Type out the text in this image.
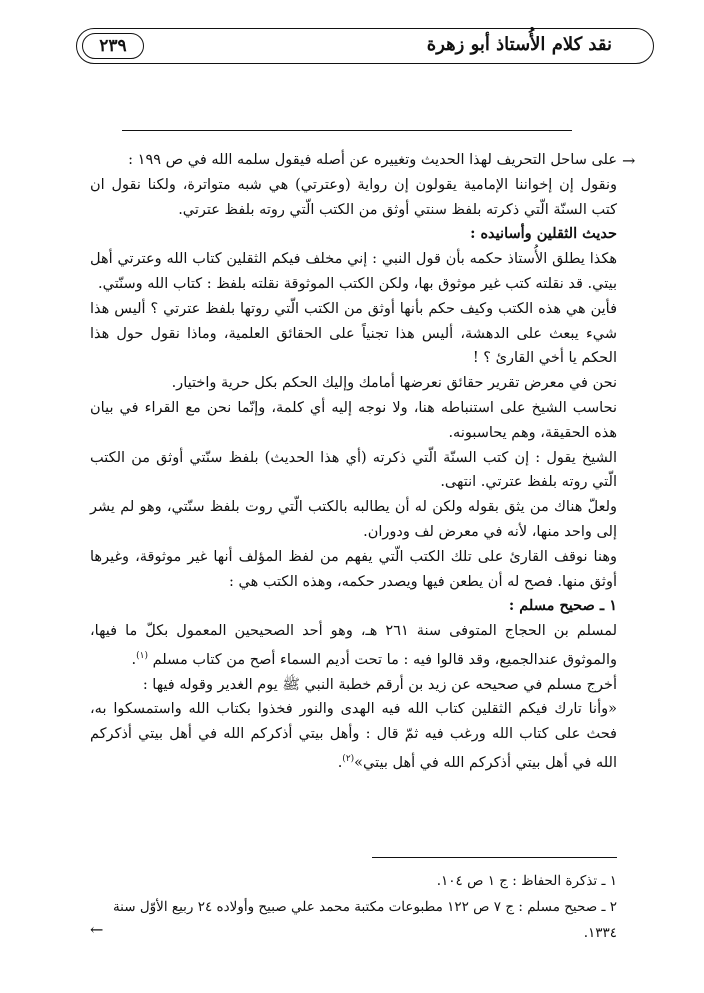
نقد كلام الأُستاذ أبو زهرة
٢٣٩
→

على ساحل التحريف لهذا الحديث وتغييره عن أصله فيقول سلمه الله في ص ١٩٩ :

ونقول إن إخواننا الإمامية يقولون إن رواية (وعترتي) هي شبه متواترة، ولكنا نقول ان كتب السنّة الّتي ذكرته بلفظ سنتي أوثق من الكتب الّتي روته بلفظ عترتي.

حديث الثقلين وأسانيده :

هكذا يطلق الأُستاذ حكمه بأن قول النبي : إني مخلف فيكم الثقلين كتاب الله وعترتي أهل بيتي. قد نقلته كتب غير موثوق بها، ولكن الكتب الموثوقة نقلته بلفظ : كتاب الله وسنّتي.

فأين هي هذه الكتب وكيف حكم بأنها أوثق من الكتب الّتي روتها بلفظ عترتي ؟ أليس هذا شيء يبعث على الدهشة، أليس هذا تجنياً على الحقائق العلمية، وماذا نقول حول هذا الحكم يا أخي القارئ ؟ !

نحن في معرض تقرير حقائق نعرضها أمامك وإليك الحكم بكل حرية واختيار.

نحاسب الشيخ على استنباطه هنا، ولا نوجه إليه أي كلمة، وإنّما نحن مع القراء في بيان هذه الحقيقة، وهم يحاسبونه.

الشيخ يقول : إن كتب السنّة الّتي ذكرته (أي هذا الحديث) بلفظ سنّتي أوثق من الكتب الّتي روته بلفظ عترتي. انتهى.

ولعلّ هناك من يثق بقوله ولكن له أن يطالبه بالكتب الّتي روت بلفظ سنّتي، وهو لم يشر إلى واحد منها، لأنه في معرض لف ودوران.

وهنا نوقف القارئ على تلك الكتب الّتي يفهم من لفظ المؤلف أنها غير موثوقة، وغيرها أوثق منها. فصح له أن يطعن فيها ويصدر حكمه، وهذه الكتب هي :

١ ـ صحيح مسلم :

لمسلم بن الحجاج المتوفى سنة ٢٦١ هـ، وهو أحد الصحيحين المعمول بكلّ ما فيها، والموثوق عندالجميع، وقد قالوا فيه : ما تحت أديم السماء أصح من كتاب مسلم $^{(١)}$.

أخرج مسلم في صحيحه عن زيد بن أرقم خطبة النبي ﷺ يوم الغدير وقوله فيها :

«وأنا تارك فيكم الثقلين كتاب الله فيه الهدى والنور فخذوا بكتاب الله واستمسكوا به، فحث على كتاب الله ورغب فيه ثمّ قال : وأهل بيتي أذكركم الله في أهل بيتي أذكركم الله في أهل بيتي أذكركم الله في أهل بيتي»$^{(٢)}$.

١ ـ تذكرة الحفاظ : ج ١ ص ١٠٤.

٢ ـ صحيح مسلم : ج ٧ ص ١٢٢ مطبوعات مكتبة محمد علي صبيح وأولاده ٢٤ ربيع الأوّل سنة ١٣٣٤.

←
